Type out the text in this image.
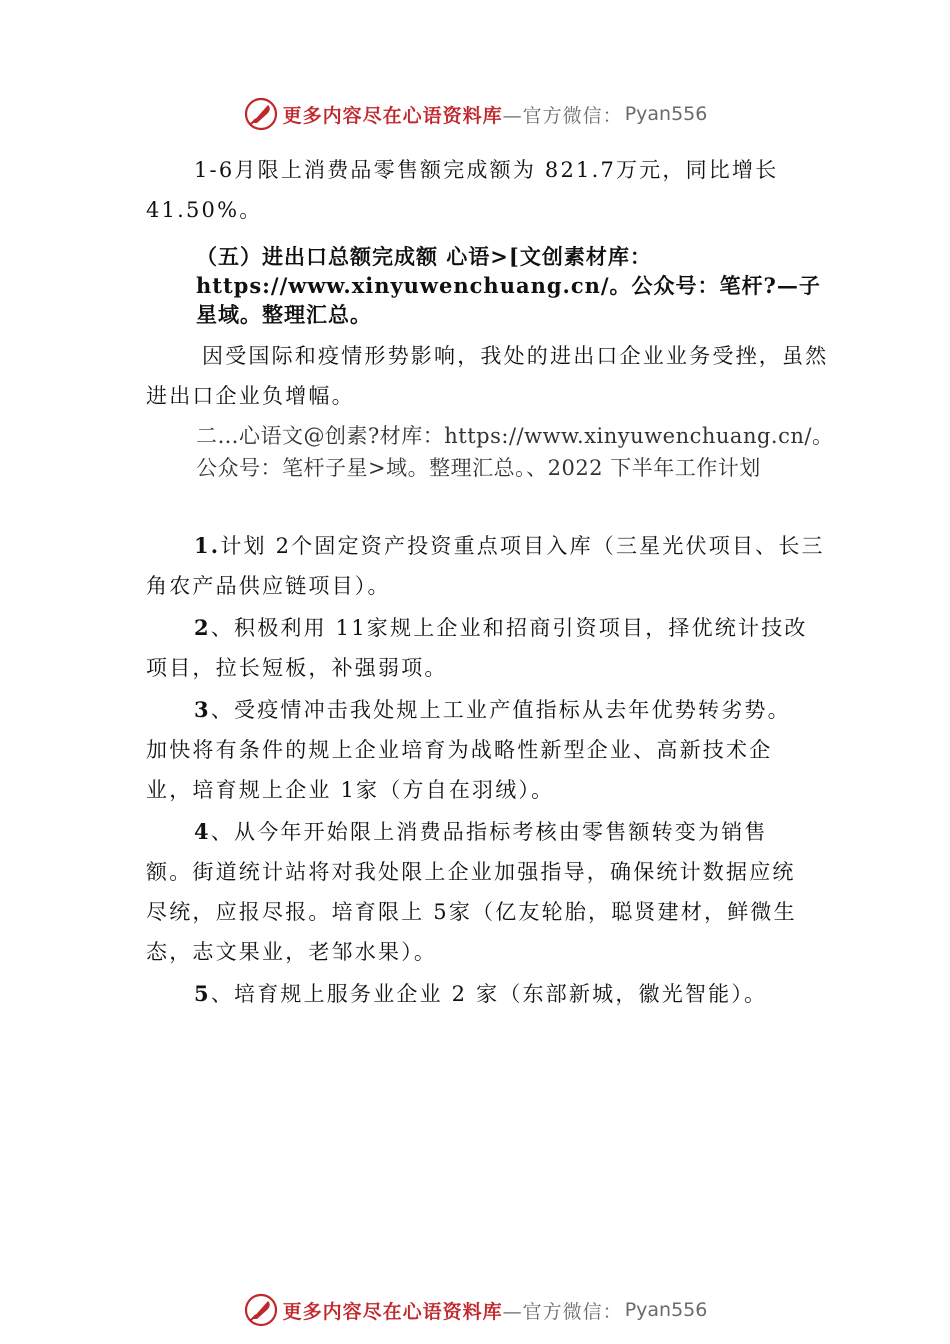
更多内容尽在心语资料库 —官方微信： Pyan556

1-6月限上消费品零售额完成额为 821.7万元，同比增长41.50%。

（五）进出口总额完成额 心语>[文创素材库：https://www.xinyuwenchuang.cn/。公众号：笔杆?—子星域。整理汇总。

因受国际和疫情形势影响，我处的进出口企业业务受挫，虽然进出口企业负增幅。

二…心语文@创素?材库：https://www.xinyuwenchuang.cn/。公众号：笔杆子星>域。整理汇总。、2022 下半年工作计划

1.计划 2个固定资产投资重点项目入库（三星光伏项目、长三角农产品供应链项目）。

2、积极利用 11家规上企业和招商引资项目，择优统计技改项目，拉长短板，补强弱项。

3、受疫情冲击我处规上工业产值指标从去年优势转劣势。加快将有条件的规上企业培育为战略性新型企业、高新技术企业，培育规上企业 1家（方自在羽绒）。

4、从今年开始限上消费品指标考核由零售额转变为销售额。街道统计站将对我处限上企业加强指导，确保统计数据应统尽统，应报尽报。培育限上 5家（亿友轮胎，聪贤建材，鲜微生态，志文果业，老邹水果）。

5、培育规上服务业企业 2 家（东部新城，徽光智能）。

更多内容尽在心语资料库 —官方微信： Pyan556
